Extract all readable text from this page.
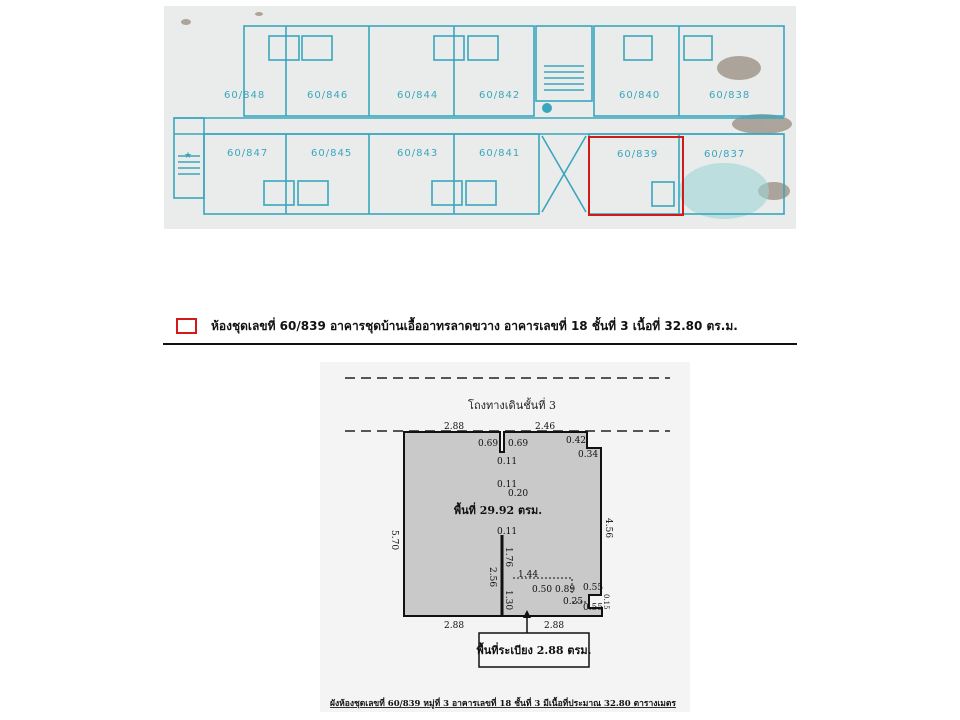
★
60/848	60/846	60/844	60/842	60/840	60/838
60/847	60/845	60/843	60/841	60/839	60/837
ห้องชุดเลขที่ 60/839 อาคารชุดบ้านเอื้ออาทรลาดขวาง อาคารเลขที่ 18 ชั้นที่ 3 เนื้อที่ 32.80 ตร.ม.
โถงทางเดินชั้นที่ 3
2.88	2.46
0.69 0.69
0.11
0.42
0.34
0.11
0.20
0.11
1.44
0.50 0.89 0.55
0.25
0.55
2.88	2.88
5.70
4.56
1.76
2.56
1.30	0.15
พื้นที่ 29.92 ตรม.
พื้นที่ระเบียง 2.88 ตรม.
ผังห้องชุดเลขที่ 60/839 หมู่ที่ 3 อาคารเลขที่ 18 ชั้นที่ 3 มีเนื้อที่ประมาณ 32.80 ตารางเมตร
